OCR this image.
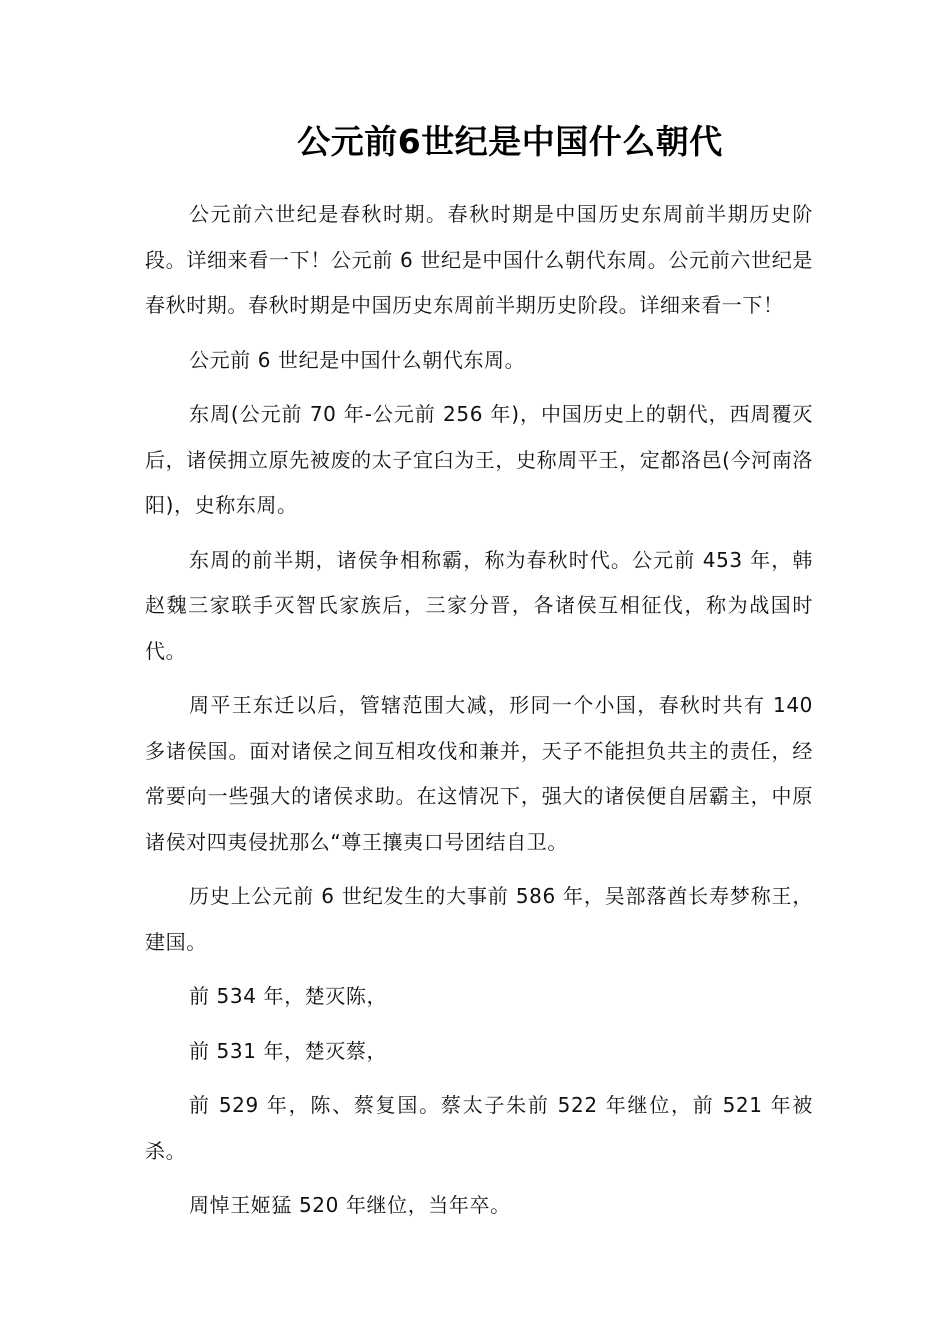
公元前6世纪是中国什么朝代

公元前六世纪是春秋时期。春秋时期是中国历史东周前半期历史阶段。详细来看一下！公元前 6 世纪是中国什么朝代东周。公元前六世纪是春秋时期。春秋时期是中国历史东周前半期历史阶段。详细来看一下！

公元前 6 世纪是中国什么朝代东周。

东周(公元前 70 年-公元前 256 年)，中国历史上的朝代，西周覆灭后，诸侯拥立原先被废的太子宜臼为王，史称周平王，定都洛邑(今河南洛阳)，史称东周。

东周的前半期，诸侯争相称霸，称为春秋时代。公元前 453 年，韩赵魏三家联手灭智氏家族后，三家分晋，各诸侯互相征伐，称为战国时代。

周平王东迁以后，管辖范围大减，形同一个小国，春秋时共有 140 多诸侯国。面对诸侯之间互相攻伐和兼并，天子不能担负共主的责任，经常要向一些强大的诸侯求助。在这情况下，强大的诸侯便自居霸主，中原诸侯对四夷侵扰那么“尊王攘夷口号团结自卫。

历史上公元前 6 世纪发生的大事前 586 年，吴部落酋长寿梦称王，建国。

前 534 年，楚灭陈，

前 531 年，楚灭蔡，

前 529 年，陈、蔡复国。蔡太子朱前 522 年继位，前 521 年被杀。

周悼王姬猛 520 年继位，当年卒。
